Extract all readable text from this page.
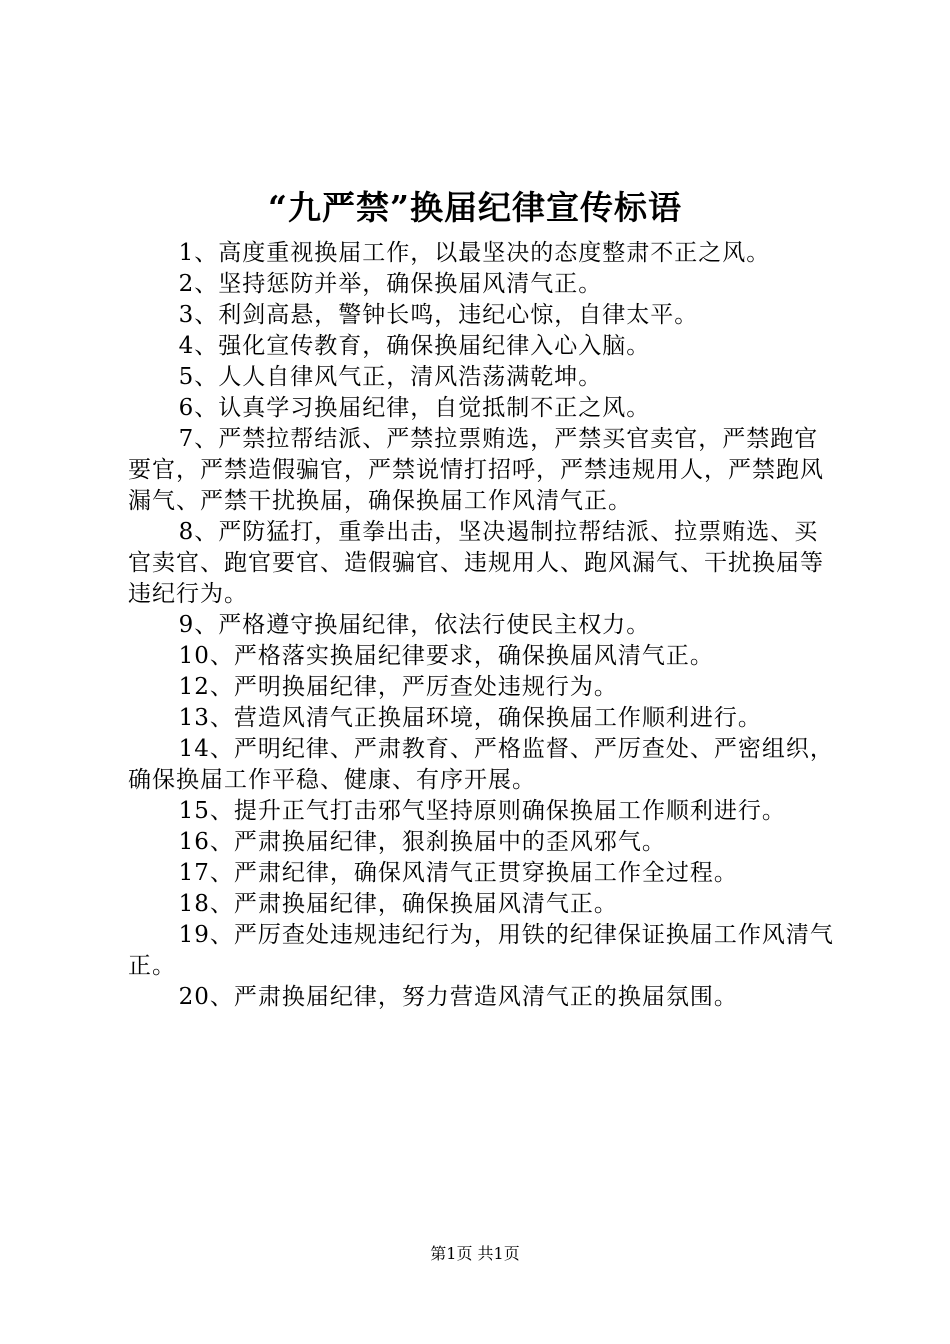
“九严禁”换届纪律宣传标语

1、高度重视换届工作，以最坚决的态度整肃不正之风。

2、坚持惩防并举，确保换届风清气正。

3、利剑高悬，警钟长鸣，违纪心惊，自律太平。

4、强化宣传教育，确保换届纪律入心入脑。

5、人人自律风气正，清风浩荡满乾坤。

6、认真学习换届纪律，自觉抵制不正之风。

7、严禁拉帮结派、严禁拉票贿选，严禁买官卖官，严禁跑官要官，严禁造假骗官，严禁说情打招呼，严禁违规用人，严禁跑风漏气、严禁干扰换届，确保换届工作风清气正。

8、严防猛打，重拳出击，坚决遏制拉帮结派、拉票贿选、买官卖官、跑官要官、造假骗官、违规用人、跑风漏气、干扰换届等违纪行为。

9、严格遵守换届纪律，依法行使民主权力。

10、严格落实换届纪律要求，确保换届风清气正。

12、严明换届纪律，严厉查处违规行为。

13、营造风清气正换届环境，确保换届工作顺利进行。

14、严明纪律、严肃教育、严格监督、严厉查处、严密组织，确保换届工作平稳、健康、有序开展。

15、提升正气打击邪气坚持原则确保换届工作顺利进行。

16、严肃换届纪律，狠刹换届中的歪风邪气。

17、严肃纪律，确保风清气正贯穿换届工作全过程。

18、严肃换届纪律，确保换届风清气正。

19、严厉查处违规违纪行为，用铁的纪律保证换届工作风清气正。

20、严肃换届纪律，努力营造风清气正的换届氛围。

第1页 共1页
